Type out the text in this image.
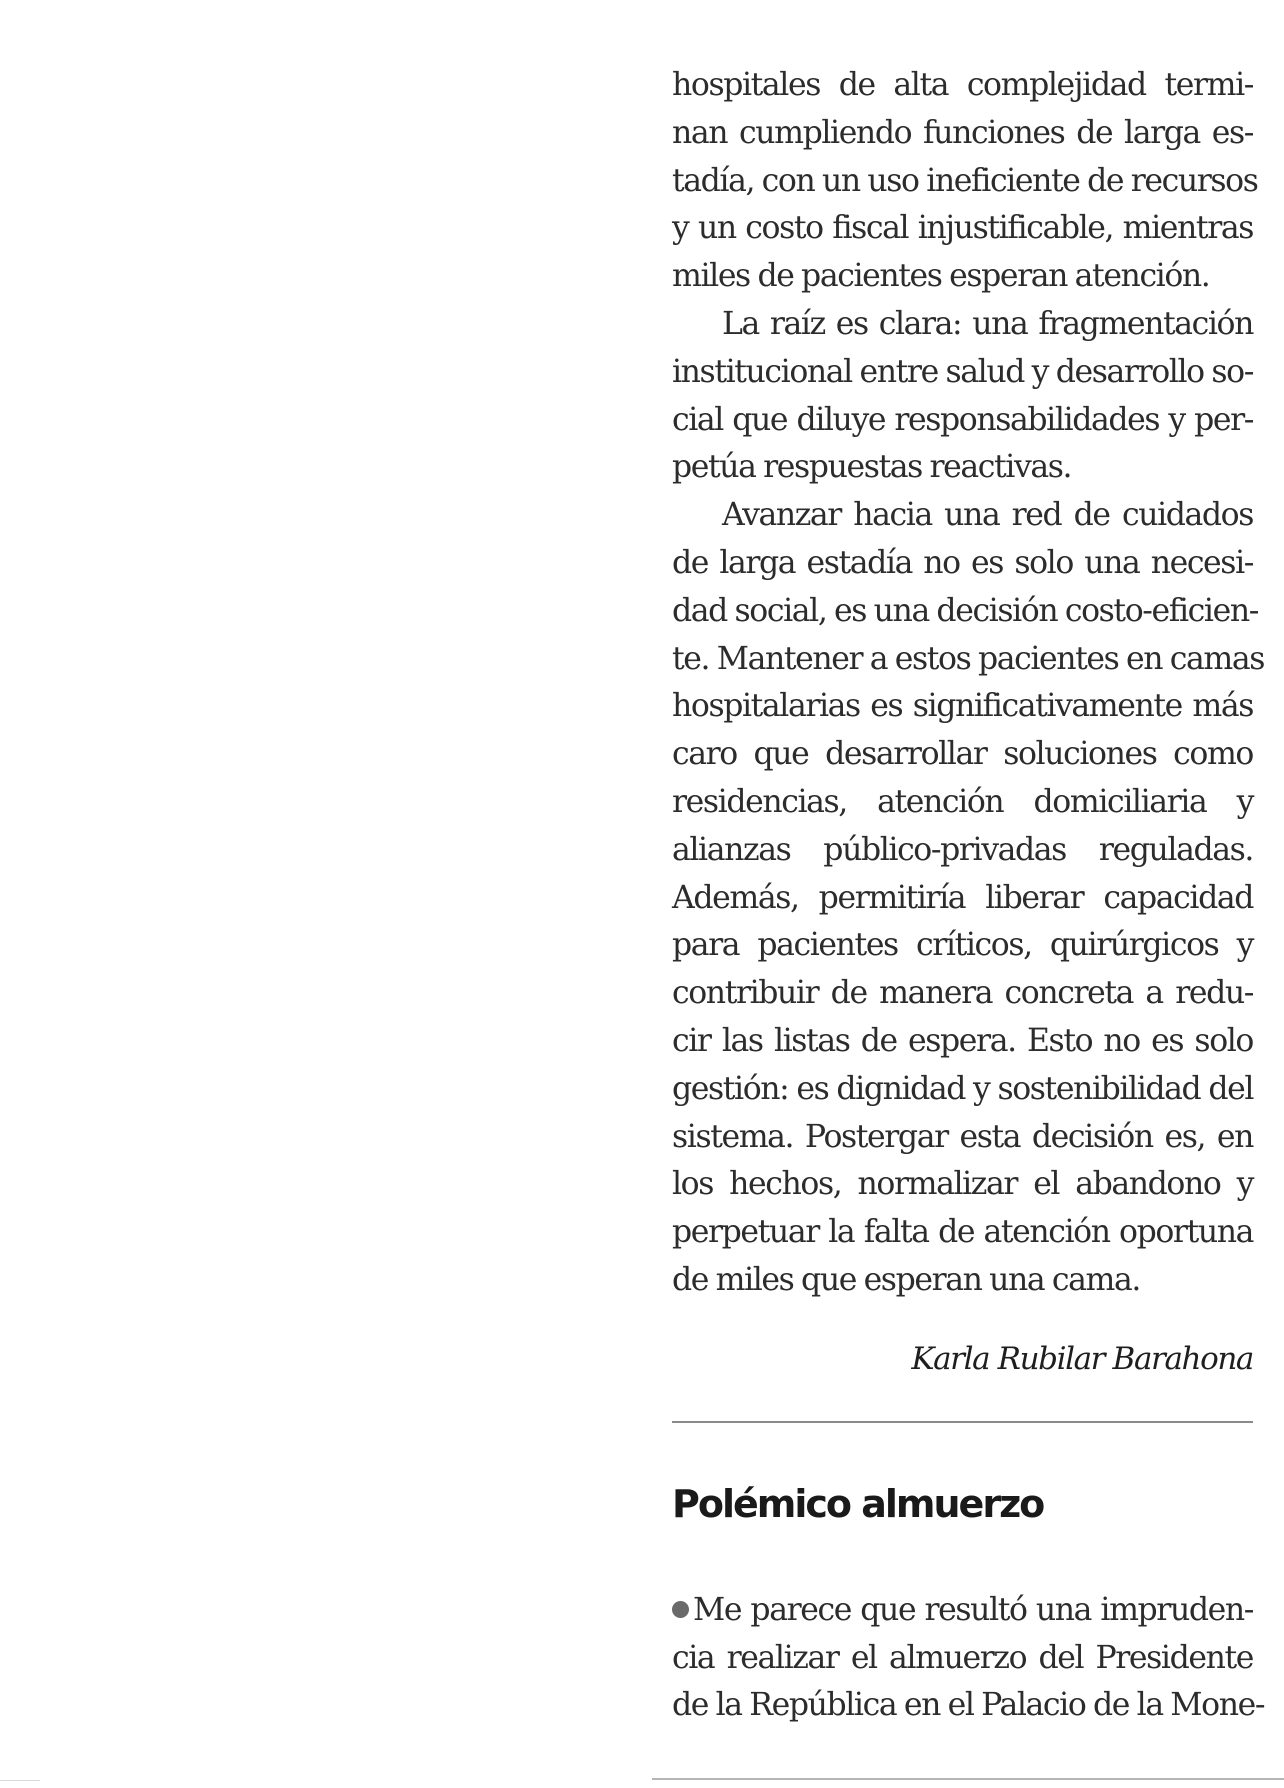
hospitales de alta complejidad termi-
nan cumpliendo funciones de larga es-
tadía, con un uso ineficiente de recursos
y un costo fiscal injustificable, mientras
miles de pacientes esperan atención.

La raíz es clara: una fragmentación
institucional entre salud y desarrollo so-
cial que diluye responsabilidades y per-
petúa respuestas reactivas.

Avanzar hacia una red de cuidados
de larga estadía no es solo una necesi-
dad social, es una decisión costo-eficien-
te. Mantener a estos pacientes en camas
hospitalarias es significativamente más
caro que desarrollar soluciones como
residencias, atención domiciliaria y
alianzas público-privadas reguladas.
Además, permitiría liberar capacidad
para pacientes críticos, quirúrgicos y
contribuir de manera concreta a redu-
cir las listas de espera. Esto no es solo
gestión: es dignidad y sostenibilidad del
sistema. Postergar esta decisión es, en
los hechos, normalizar el abandono y
perpetuar la falta de atención oportuna
de miles que esperan una cama.

Karla Rubilar Barahona
Polémico almuerzo

Me parece que resultó una impruden-
cia realizar el almuerzo del Presidente
de la República en el Palacio de la Mone-
